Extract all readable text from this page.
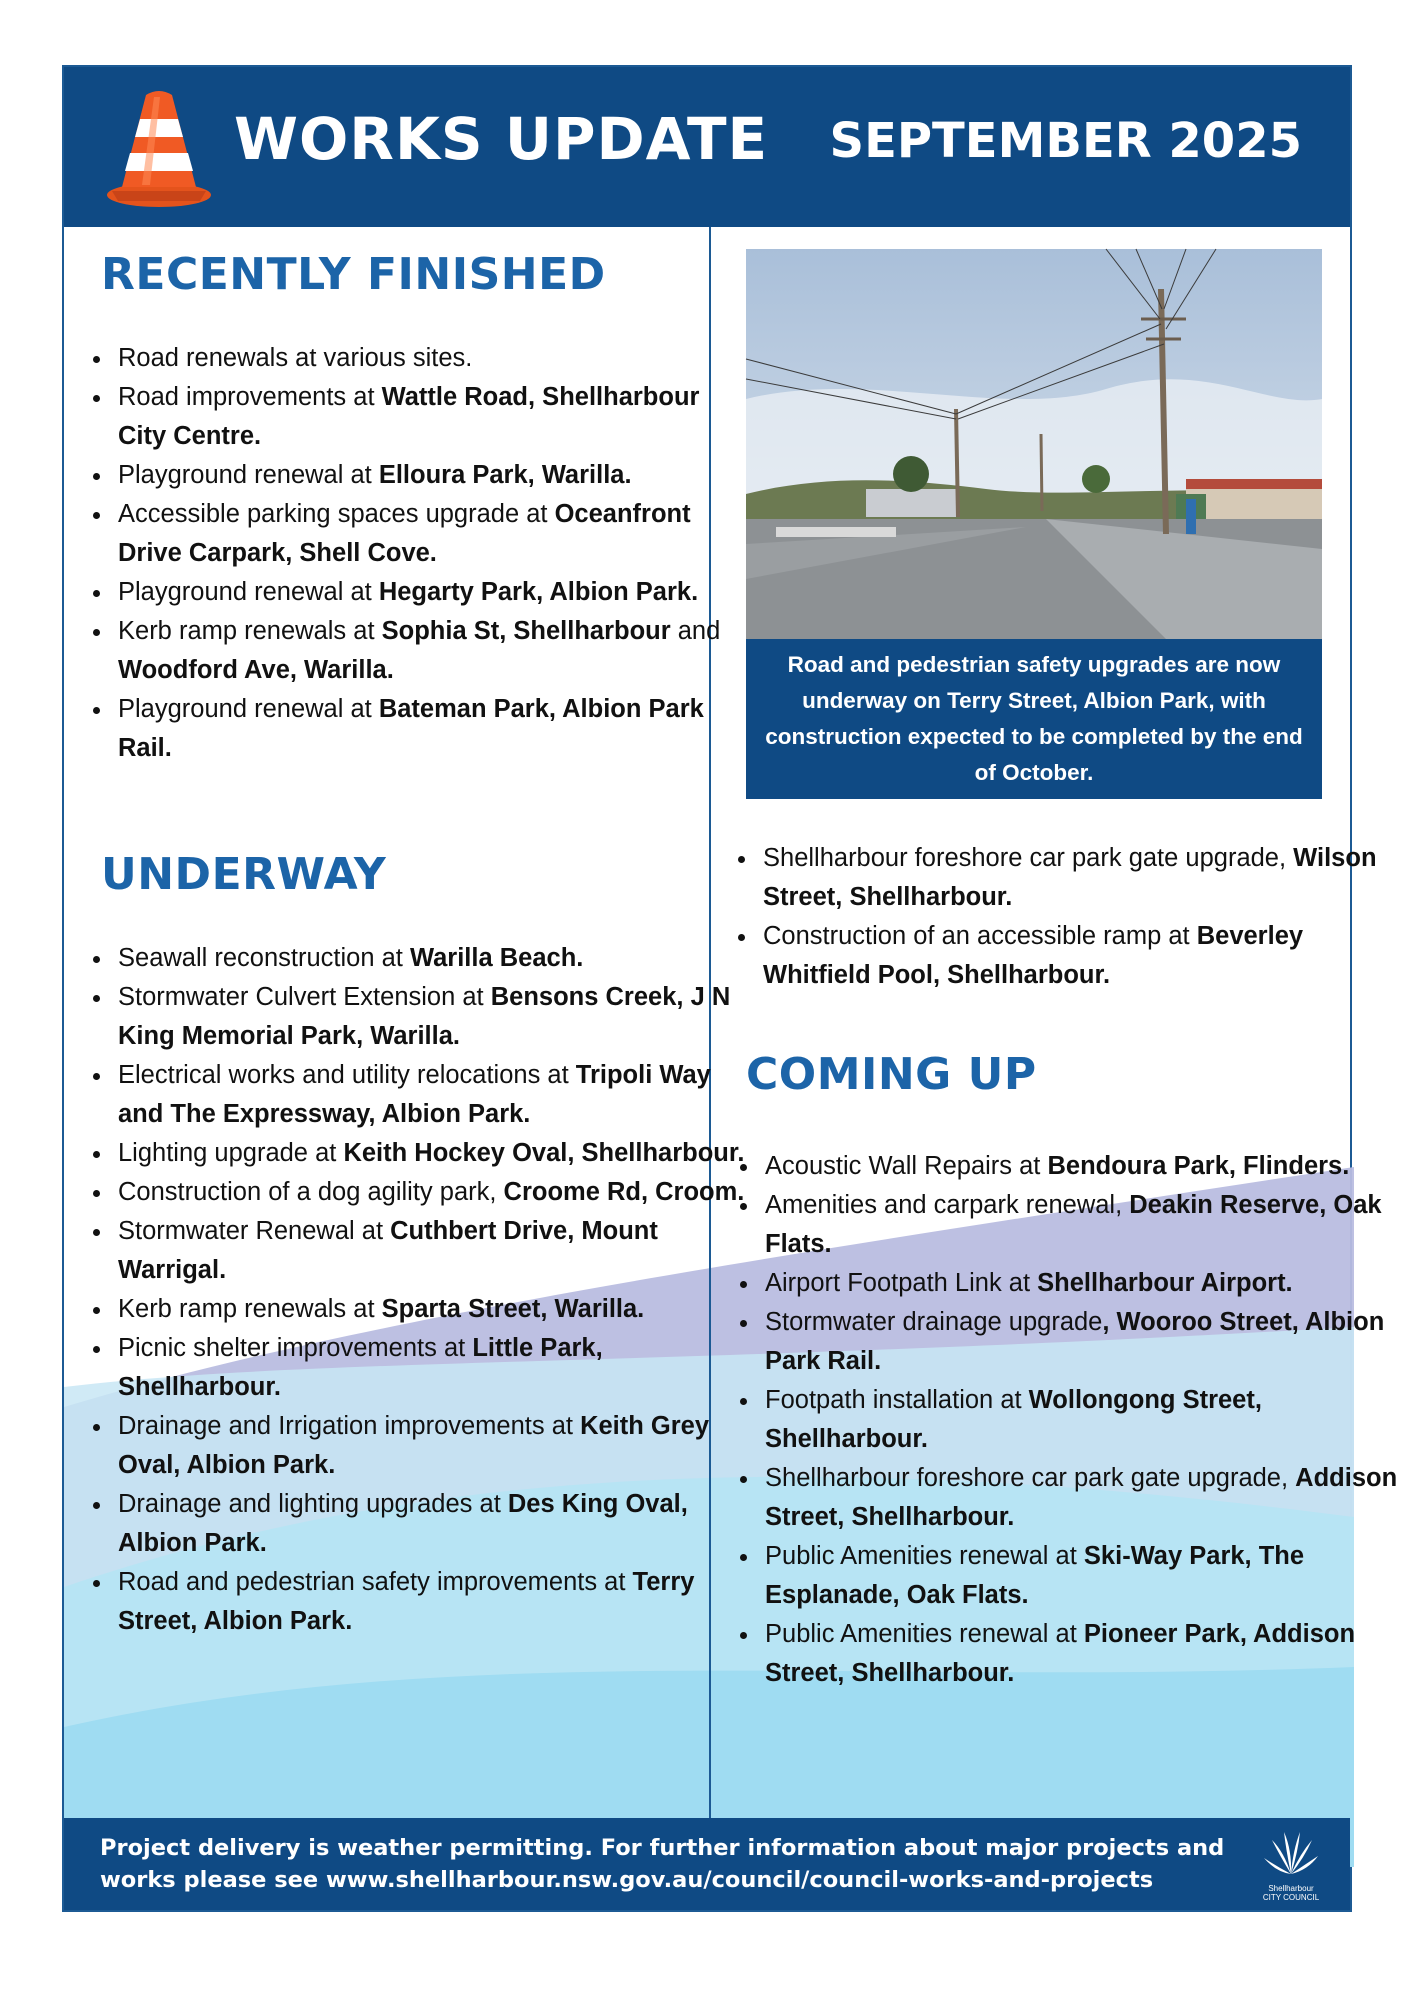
WORKS UPDATE SEPTEMBER 2025
RECENTLY FINISHED
• Road renewals at various sites.
• Road improvements at Wattle Road, Shellharbour City Centre.
• Playground renewal at Elloura Park, Warilla.
• Accessible parking spaces upgrade at Oceanfront Drive Carpark, Shell Cove.
• Playground renewal at Hegarty Park, Albion Park.
• Kerb ramp renewals at Sophia St, Shellharbour and Woodford Ave, Warilla.
• Playground renewal at Bateman Park, Albion Park Rail.
UNDERWAY
• Seawall reconstruction at Warilla Beach.
• Stormwater Culvert Extension at Bensons Creek, J N King Memorial Park, Warilla.
• Electrical works and utility relocations at Tripoli Way and The Expressway, Albion Park.
• Lighting upgrade at Keith Hockey Oval, Shellharbour.
• Construction of a dog agility park, Croome Rd, Croom.
• Stormwater Renewal at Cuthbert Drive, Mount Warrigal.
• Kerb ramp renewals at Sparta Street, Warilla.
• Picnic shelter improvements at Little Park, Shellharbour.
• Drainage and Irrigation improvements at Keith Grey Oval, Albion Park.
• Drainage and lighting upgrades at Des King Oval, Albion Park.
• Road and pedestrian safety improvements at Terry Street, Albion Park.
Road and pedestrian safety upgrades are now underway on Terry Street, Albion Park, with construction expected to be completed by the end of October.
• Shellharbour foreshore car park gate upgrade, Wilson Street, Shellharbour.
• Construction of an accessible ramp at Beverley Whitfield Pool, Shellharbour.
COMING UP
• Acoustic Wall Repairs at Bendoura Park, Flinders.
• Amenities and carpark renewal, Deakin Reserve, Oak Flats.
• Airport Footpath Link at Shellharbour Airport.
• Stormwater drainage upgrade, Wooroo Street, Albion Park Rail.
• Footpath installation at Wollongong Street, Shellharbour.
• Shellharbour foreshore car park gate upgrade, Addison Street, Shellharbour.
• Public Amenities renewal at Ski-Way Park, The Esplanade, Oak Flats.
• Public Amenities renewal at Pioneer Park, Addison Street, Shellharbour.
Project delivery is weather permitting. For further information about major projects and works please see www.shellharbour.nsw.gov.au/council/council-works-and-projects	Shellharbour CITY COUNCIL
